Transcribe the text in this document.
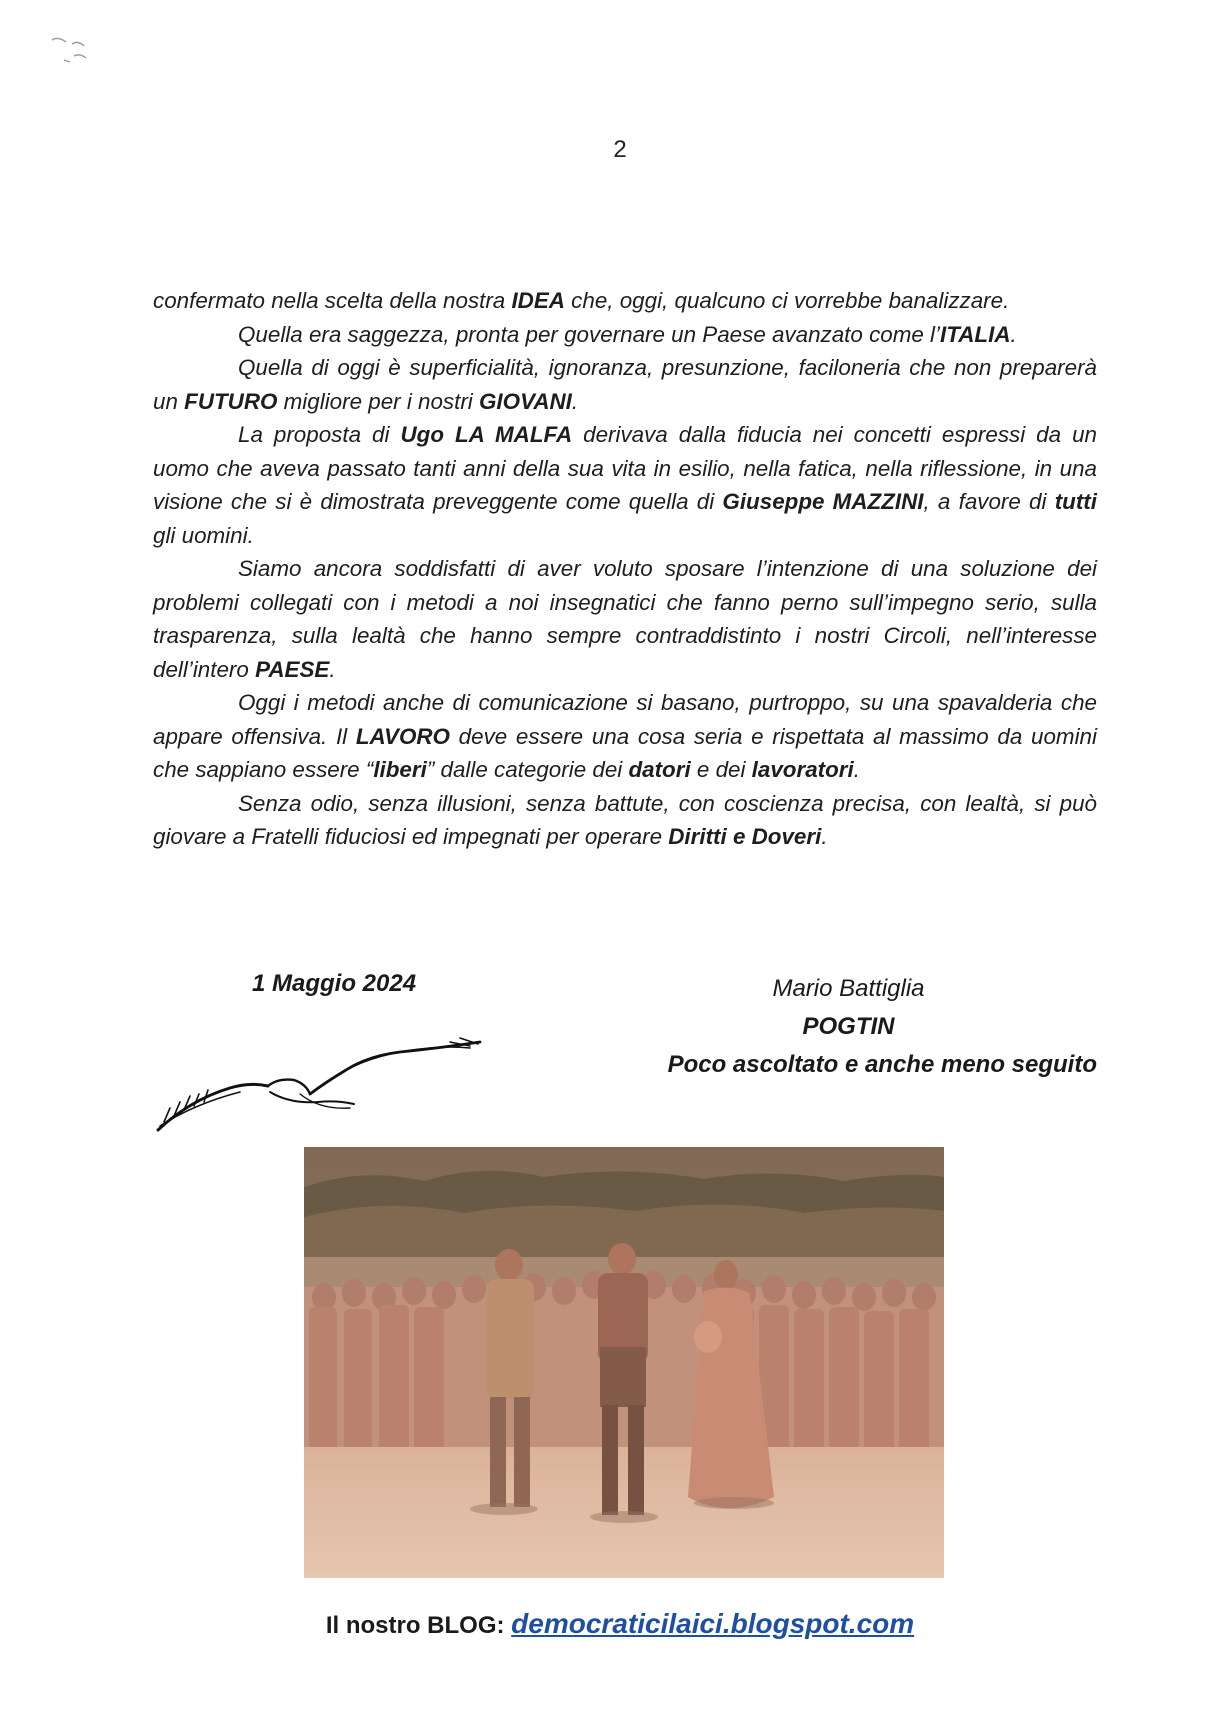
2

confermato nella scelta della nostra IDEA che, oggi, qualcuno ci vorrebbe banalizzare.

Quella era saggezza, pronta per governare un Paese avanzato come l’ITALIA.

Quella di oggi è superficialità, ignoranza, presunzione, faciloneria che non preparerà un FUTURO migliore per i nostri GIOVANI.

La proposta di Ugo LA MALFA derivava dalla fiducia nei concetti espressi da un uomo che aveva passato tanti anni della sua vita in esilio, nella fatica, nella riflessione, in una visione che si è dimostrata preveggente come quella di Giuseppe MAZZINI, a favore di tutti gli uomini.

Siamo ancora soddisfatti di aver voluto sposare l’intenzione di una soluzione dei problemi collegati con i metodi a noi insegnatici che fanno perno sull’impegno serio, sulla trasparenza, sulla lealtà che hanno sempre contraddistinto i nostri Circoli, nell’interesse dell’intero PAESE.

Oggi i metodi anche di comunicazione si basano, purtroppo, su una spavalderia che appare offensiva. Il LAVORO deve essere una cosa seria e rispettata al massimo da uomini che sappiano essere “liberi” dalle categorie dei datori e dei lavoratori.

Senza odio, senza illusioni, senza battute, con coscienza precisa, con lealtà, si può giovare a Fratelli fiduciosi ed impegnati per operare Diritti e Doveri.

1 Maggio 2024	Mario Battiglia
POGTIN
Poco ascoltato e anche meno seguito
Il nostro BLOG: democraticilaici.blogspot.com
